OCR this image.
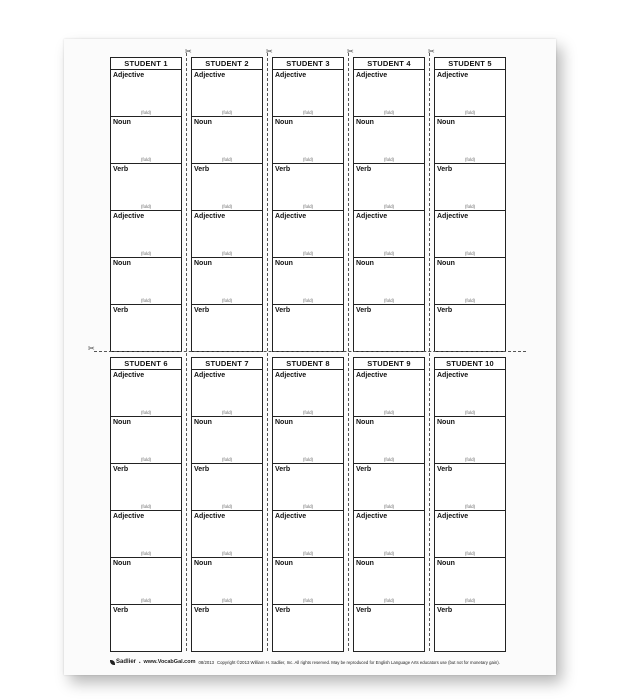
STUDENT 1
Adjective
(fold)
Noun
(fold)
Verb
(fold)
Adjective
(fold)
Noun
(fold)
Verb
STUDENT 2
Adjective
(fold)
Noun
(fold)
Verb
(fold)
Adjective
(fold)
Noun
(fold)
Verb
STUDENT 3
Adjective
(fold)
Noun
(fold)
Verb
(fold)
Adjective
(fold)
Noun
(fold)
Verb
STUDENT 4
Adjective
(fold)
Noun
(fold)
Verb
(fold)
Adjective
(fold)
Noun
(fold)
Verb
STUDENT 5
Adjective
(fold)
Noun
(fold)
Verb
(fold)
Adjective
(fold)
Noun
(fold)
Verb
STUDENT 6
Adjective
(fold)
Noun
(fold)
Verb
(fold)
Adjective
(fold)
Noun
(fold)
Verb
STUDENT 7
Adjective
(fold)
Noun
(fold)
Verb
(fold)
Adjective
(fold)
Noun
(fold)
Verb
STUDENT 8
Adjective
(fold)
Noun
(fold)
Verb
(fold)
Adjective
(fold)
Noun
(fold)
Verb
STUDENT 9
Adjective
(fold)
Noun
(fold)
Verb
(fold)
Adjective
(fold)
Noun
(fold)
Verb
STUDENT 10
Adjective
(fold)
Noun
(fold)
Verb
(fold)
Adjective
(fold)
Noun
(fold)
Verb
✂	✂	✂	✂
✂
Sadlier • www.VocabGal.com 08/2013 Copyright ©2013 William H. Sadlier, Inc. All rights reserved. May be reproduced for English Language Arts educators use (but not for monetary gain).
